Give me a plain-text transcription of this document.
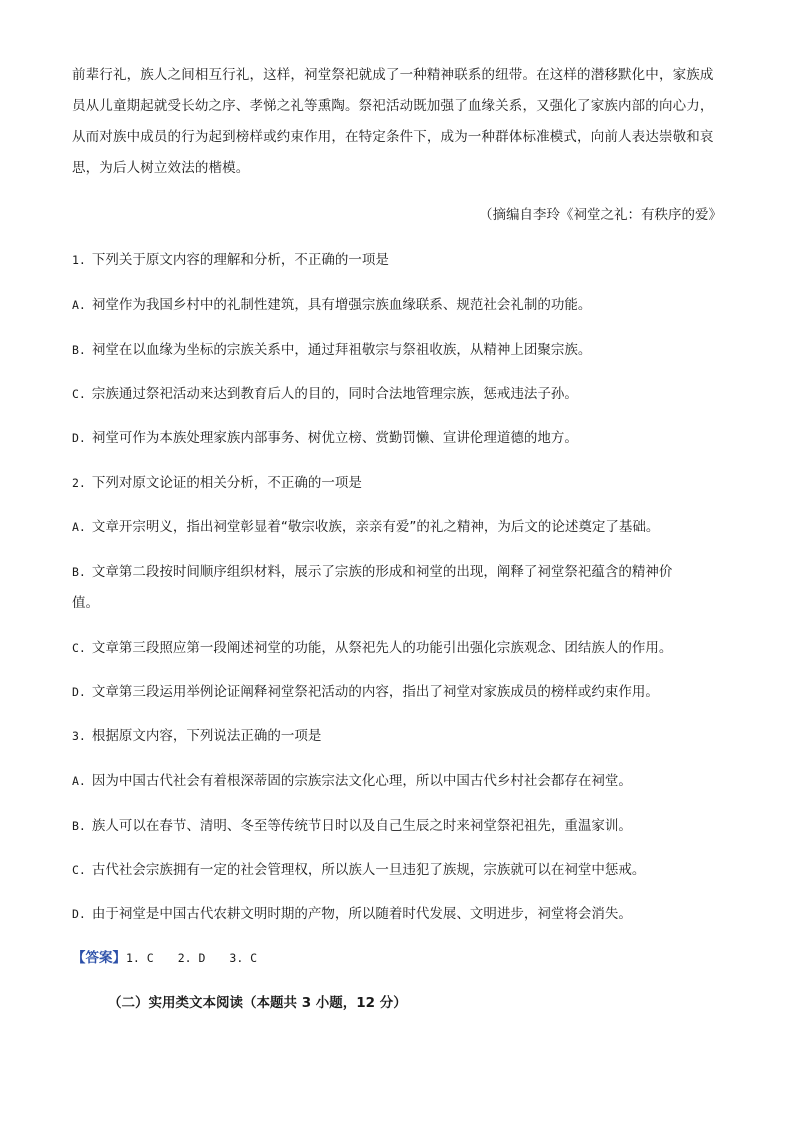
前辈行礼，族人之间相互行礼，这样，祠堂祭祀就成了一种精神联系的纽带。在这样的潜移默化中，家族成员从儿童期起就受长幼之序、孝悌之礼等熏陶。祭祀活动既加强了血缘关系，又强化了家族内部的向心力，从而对族中成员的行为起到榜样或约束作用，在特定条件下，成为一种群体标准模式，向前人表达崇敬和哀思，为后人树立效法的楷模。
（摘编自李玲《祠堂之礼：有秩序的爱》
1. 下列关于原文内容的理解和分析，不正确的一项是
A. 祠堂作为我国乡村中的礼制性建筑，具有增强宗族血缘联系、规范社会礼制的功能。
B. 祠堂在以血缘为坐标的宗族关系中，通过拜祖敬宗与祭祖收族，从精神上团聚宗族。
C. 宗族通过祭祀活动来达到教育后人的目的，同时合法地管理宗族，惩戒违法子孙。
D. 祠堂可作为本族处理家族内部事务、树优立榜、赏勤罚懒、宣讲伦理道德的地方。
2. 下列对原文论证的相关分析，不正确的一项是
A. 文章开宗明义，指出祠堂彰显着“敬宗收族，亲亲有爱”的礼之精神，为后文的论述奠定了基础。
B. 文章第二段按时间顺序组织材料，展示了宗族的形成和祠堂的出现，阐释了祠堂祭祀蕴含的精神价
值。
C. 文章第三段照应第一段阐述祠堂的功能，从祭祀先人的功能引出强化宗族观念、团结族人的作用。
D. 文章第三段运用举例论证阐释祠堂祭祀活动的内容，指出了祠堂对家族成员的榜样或约束作用。
3. 根据原文内容，下列说法正确的一项是
A. 因为中国古代社会有着根深蒂固的宗族宗法文化心理，所以中国古代乡村社会都存在祠堂。
B. 族人可以在春节、清明、冬至等传统节日时以及自己生辰之时来祠堂祭祀祖先，重温家训。
C. 古代社会宗族拥有一定的社会管理权，所以族人一旦违犯了族规，宗族就可以在祠堂中惩戒。
D. 由于祠堂是中国古代农耕文明时期的产物，所以随着时代发展、文明进步，祠堂将会消失。
【答案】1. C 2. D 3. C
（二）实用类文本阅读（本题共 3 小题，12 分）
